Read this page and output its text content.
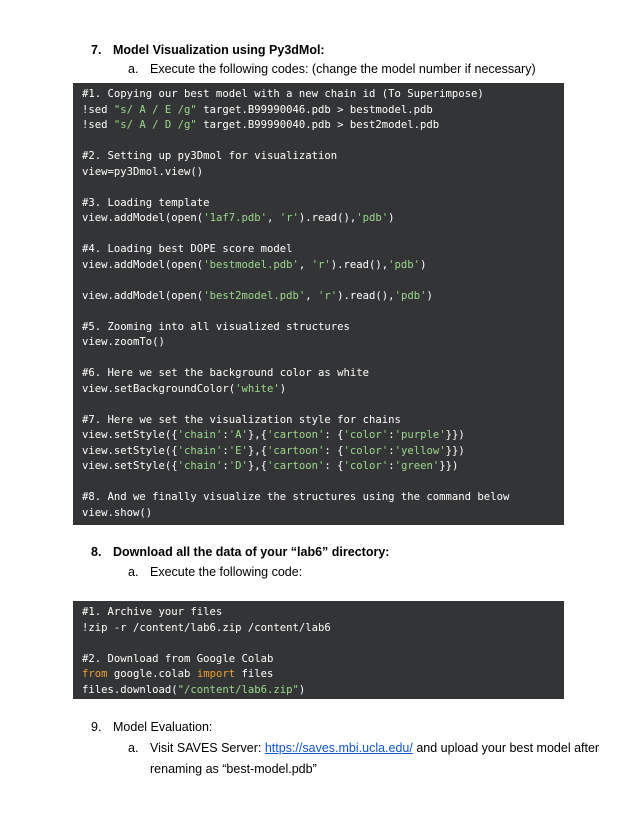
7. Model Visualization using Py3dMol:
a. Execute the following codes: (change the model number if necessary)
#1. Copying our best model with a new chain id (To Superimpose)
!sed "s/ A / E /g" target.B99990046.pdb > bestmodel.pdb
!sed "s/ A / D /g" target.B99990040.pdb > best2model.pdb
#2. Setting up py3Dmol for visualization
view=py3Dmol.view()
#3. Loading template
view.addModel(open('1af7.pdb', 'r').read(),'pdb')
#4. Loading best DOPE score model
view.addModel(open('bestmodel.pdb', 'r').read(),'pdb')
view.addModel(open('best2model.pdb', 'r').read(),'pdb')
#5. Zooming into all visualized structures
view.zoomTo()
#6. Here we set the background color as white
view.setBackgroundColor('white')
#7. Here we set the visualization style for chains
view.setStyle({'chain':'A'},{'cartoon': {'color':'purple'}})
view.setStyle({'chain':'E'},{'cartoon': {'color':'yellow'}})
view.setStyle({'chain':'D'},{'cartoon': {'color':'green'}})
#8. And we finally visualize the structures using the command below
view.show()
8. Download all the data of your “lab6” directory:
a. Execute the following code:
#1. Archive your files
!zip -r /content/lab6.zip /content/lab6
#2. Download from Google Colab
from google.colab import files
files.download("/content/lab6.zip")
9. Model Evaluation:
a. Visit SAVES Server: https://saves.mbi.ucla.edu/ and upload your best model after
renaming as “best-model.pdb”
